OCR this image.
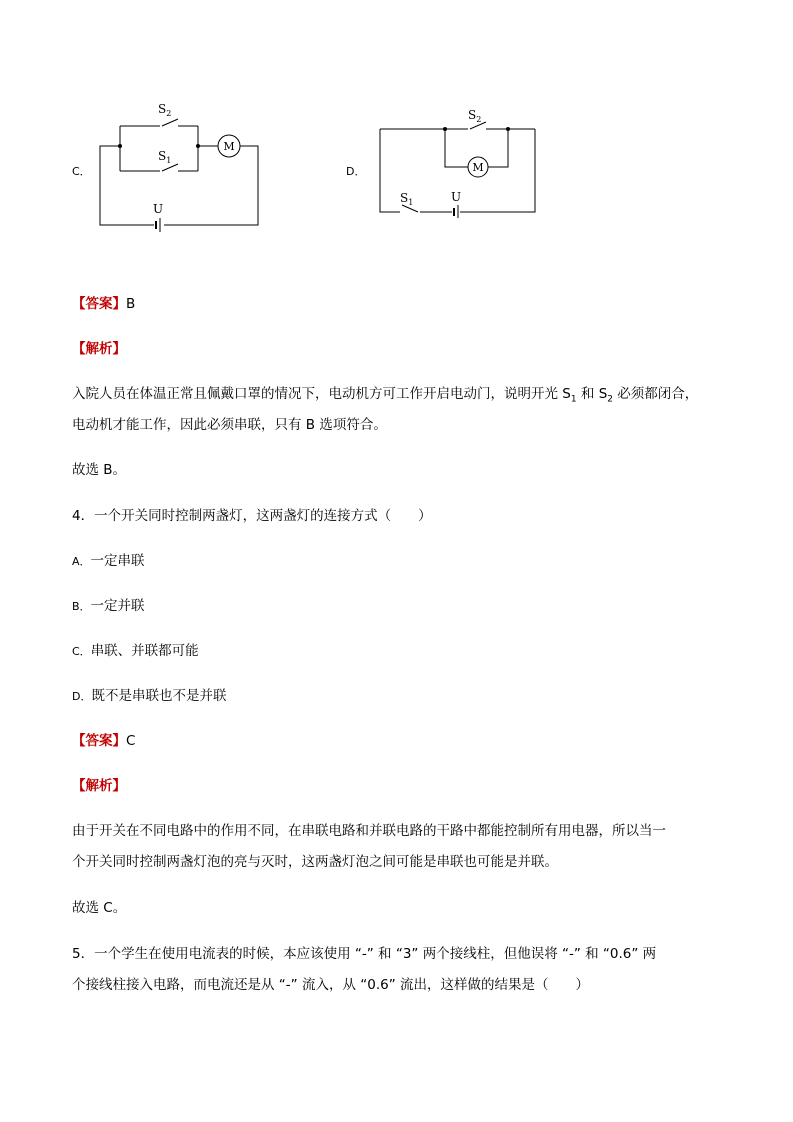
C．
$S_2$
$S_1$
M
U
D．
$S_2$
$S_1$
M
U
【答案】B
【解析】
入院人员在体温正常且佩戴口罩的情况下，电动机方可工作开启电动门，说明开光 $S_1$ 和 $S_2$ 必须都闭合，
电动机才能工作，因此必须串联，只有 B 选项符合。
故选 B。
4．一个开关同时控制两盏灯，这两盏灯的连接方式（　　）
A．一定串联
B．一定并联
C．串联、并联都可能
D．既不是串联也不是并联
【答案】C
【解析】
由于开关在不同电路中的作用不同，在串联电路和并联电路的干路中都能控制所有用电器，所以当一
个开关同时控制两盏灯泡的亮与灭时，这两盏灯泡之间可能是串联也可能是并联。
故选 C。
5．一个学生在使用电流表的时候，本应该使用 “-” 和 “3” 两个接线柱，但他误将 “-” 和 “0.6” 两
个接线柱接入电路，而电流还是从 “-” 流入，从 “0.6” 流出，这样做的结果是（　　）
